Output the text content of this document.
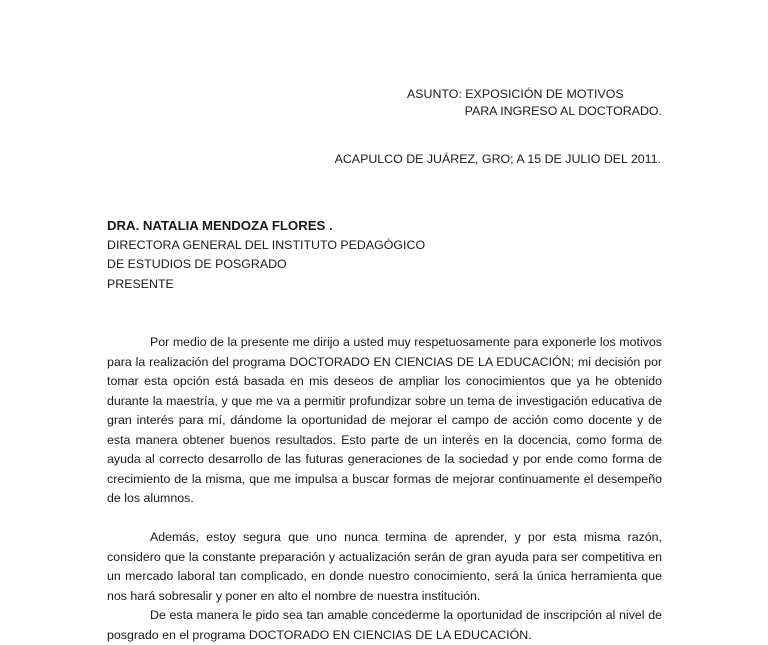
ASUNTO: EXPOSICIÓN DE MOTIVOS
PARA INGRESO AL DOCTORADO.
ACAPULCO DE JUÁREZ, GRO; A 15 DE JULIO DEL 2011.
DRA. NATALIA MENDOZA FLORES .
DIRECTORA GENERAL DEL INSTITUTO PEDAGÓGICO
DE ESTUDIOS DE POSGRADO
PRESENTE

Por medio de la presente me dirijo a usted muy respetuosamente para exponerle los motivos para la realización del programa DOCTORADO EN CIENCIAS DE LA EDUCACIÓN; mi decisión por tomar esta opción está basada en mis deseos de ampliar los conocimientos que ya he obtenido durante la maestría, y que me va a permitir profundizar sobre un tema de investigación educativa de gran interés para mí, dándome la oportunidad de mejorar el campo de acción como docente y de esta manera obtener buenos resultados. Esto parte de un interés en la docencia, como forma de ayuda al correcto desarrollo de las futuras generaciones de la sociedad y por ende como forma de crecimiento de la misma, que me impulsa a buscar formas de mejorar continuamente el desempeño de los alumnos.

Además, estoy segura que uno nunca termina de aprender, y por esta misma razón, considero que la constante preparación y actualización serán de gran ayuda para ser competitiva en un mercado laboral tan complicado, en donde nuestro conocimiento, será la única herramienta que nos hará sobresalir y poner en alto el nombre de nuestra institución.

De esta manera le pido sea tan amable concederme la oportunidad de inscripción al nivel de posgrado en el programa DOCTORADO EN CIENCIAS DE LA EDUCACIÓN.
